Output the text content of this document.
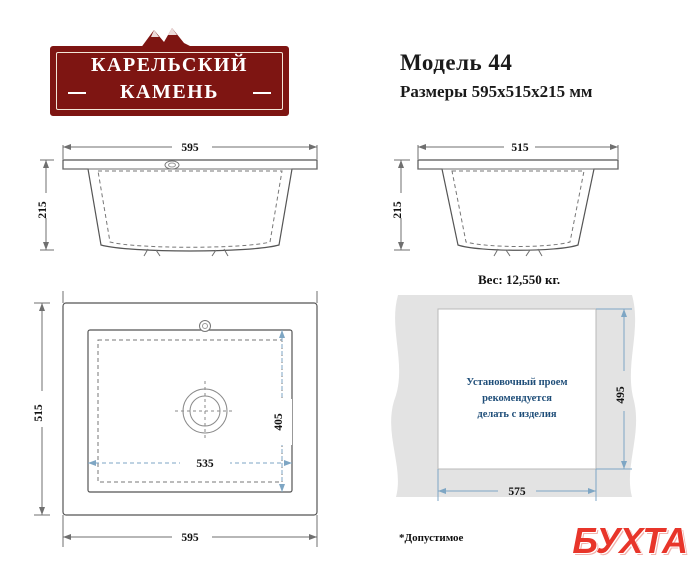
КАРЕЛЬСКИЙ
КАМЕНЬ
Модель 44
Размеры 595х515х215 мм
Вес: 12,550 кг.
*Допустимое
595
215
515
215
535
405
515
595
Установочный проем
рекомендуется
делать с изделия
495
575
БУХТА
